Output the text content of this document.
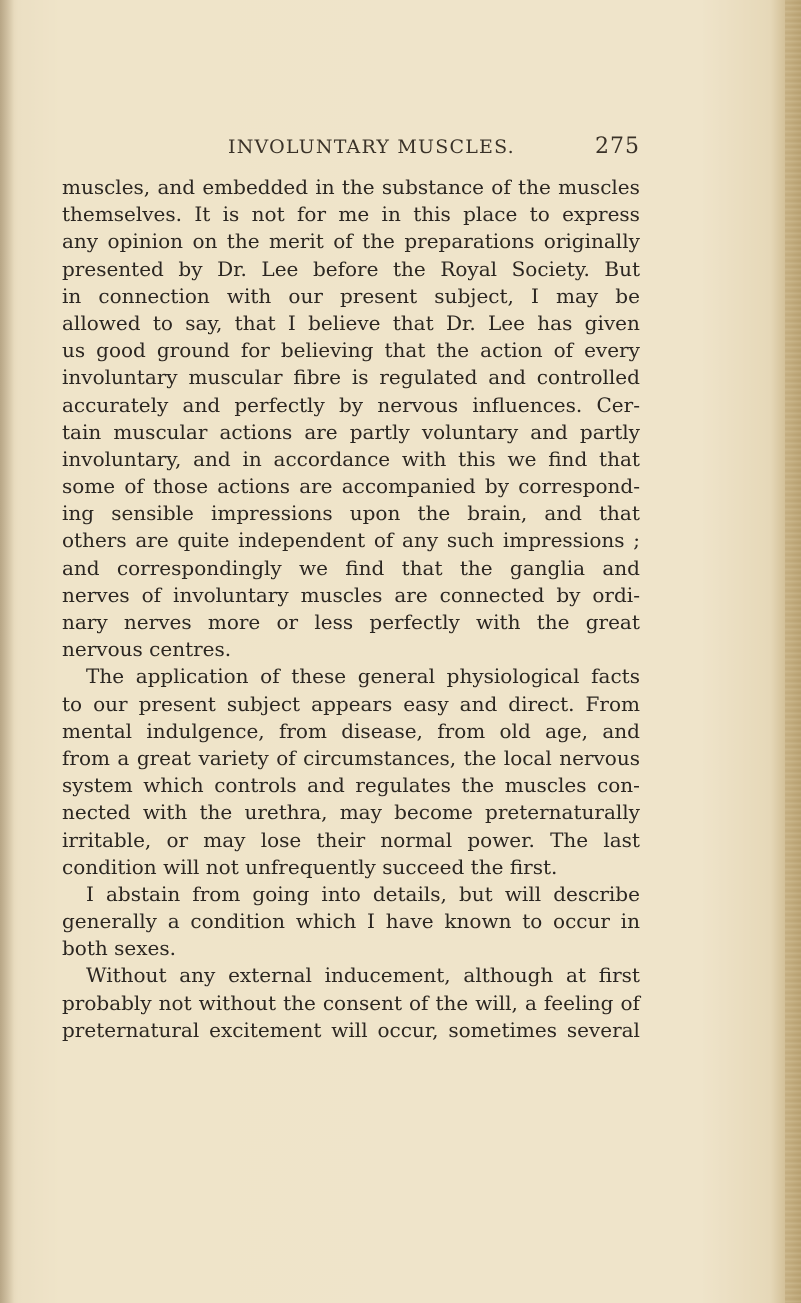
INVOLUNTARY MUSCLES.	275
muscles, and embedded in the substance of the muscles
themselves. It is not for me in this place to express
any opinion on the merit of the preparations originally
presented by Dr. Lee before the Royal Society. But
in connection with our present subject, I may be
allowed to say, that I believe that Dr. Lee has given
us good ground for believing that the action of every
involuntary muscular fibre is regulated and controlled
accurately and perfectly by nervous influences. Cer-
tain muscular actions are partly voluntary and partly
involuntary, and in accordance with this we find that
some of those actions are accompanied by correspond-
ing sensible impressions upon the brain, and that
others are quite independent of any such impressions ;
and correspondingly we find that the ganglia and
nerves of involuntary muscles are connected by ordi-
nary nerves more or less perfectly with the great
nervous centres.
The application of these general physiological facts
to our present subject appears easy and direct. From
mental indulgence, from disease, from old age, and
from a great variety of circumstances, the local nervous
system which controls and regulates the muscles con-
nected with the urethra, may become preternaturally
irritable, or may lose their normal power. The last
condition will not unfrequently succeed the first.
I abstain from going into details, but will describe
generally a condition which I have known to occur in
both sexes.
Without any external inducement, although at first
probably not without the consent of the will, a feeling of
preternatural excitement will occur, sometimes several
